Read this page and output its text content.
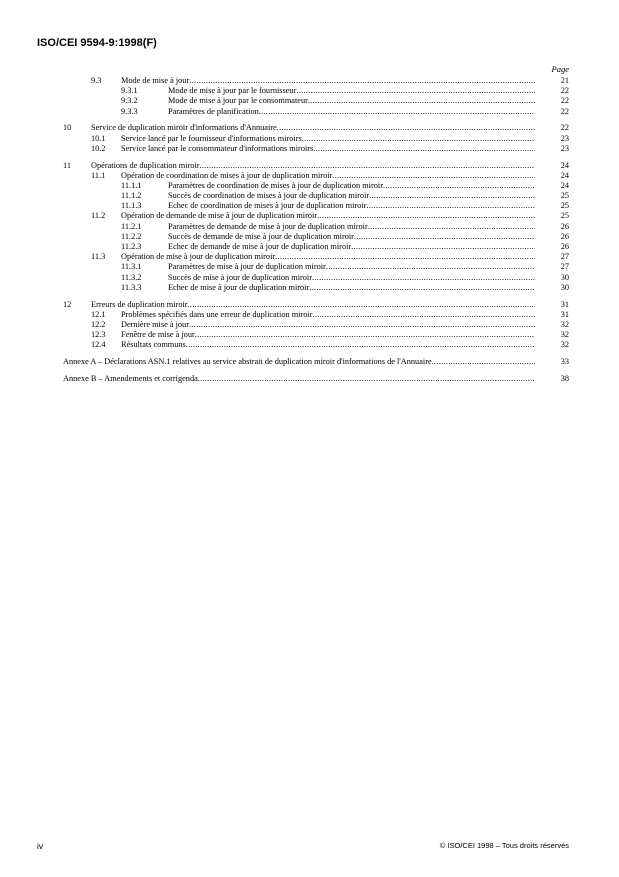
ISO/CEI 9594-9:1998(F)
Page
9.3 Mode de mise à jour .....	21
9.3.1	Mode de mise à jour par le fournisseur .....	22
9.3.2	Mode de mise à jour par le consommateur .....	22
9.3.3	Paramètres de planification .....	22
10 Service de duplication miroir d'informations d'Annuaire .....	22
10.1 Service lancé par le fournisseur d'informations miroirs .....	23
10.2 Service lancé par le consommateur d'informations miroirs .....	23
11 Opérations de duplication miroir .....	24
11.1 Opération de coordination de mises à jour de duplication miroir .....	24
11.1.1	Paramètres de coordination de mises à jour de duplication miroir .....	24
11.1.2	Succès de coordination de mises à jour de duplication miroir .....	25
11.1.3	Echec de coordination de mises à jour de duplication miroir .....	25
11.2 Opération de demande de mise à jour de duplication miroir .....	25
11.2.1	Paramètres de demande de mise à jour de duplication miroir .....	26
11.2.2	Succès de demande de mise à jour de duplication miroir .....	26
11.2.3	Echec de demande de mise à jour de duplication miroir .....	26
11.3 Opération de mise à jour de duplication miroir .....	27
11.3.1	Paramètres de mise à jour de duplication miroir .....	27
11.3.2	Succès de mise à jour de duplication miroir .....	30
11.3.3	Echec de mise à jour de duplication miroir .....	30
12 Erreurs de duplication miroir .....	31
12.1 Problèmes spécifiés dans une erreur de duplication miroir .....	31
12.2 Dernière mise à jour .....	32
12.3 Fenêtre de mise à jour .....	32
12.4 Résultats communs .....	32
Annexe A – Déclarations ASN.1 relatives au service abstrait de duplication miroir d'informations de l'Annuaire .....	33
Annexe B – Amendements et corrigenda .....	38
iv	© ISO/CEI 1998 – Tous droits réservés
